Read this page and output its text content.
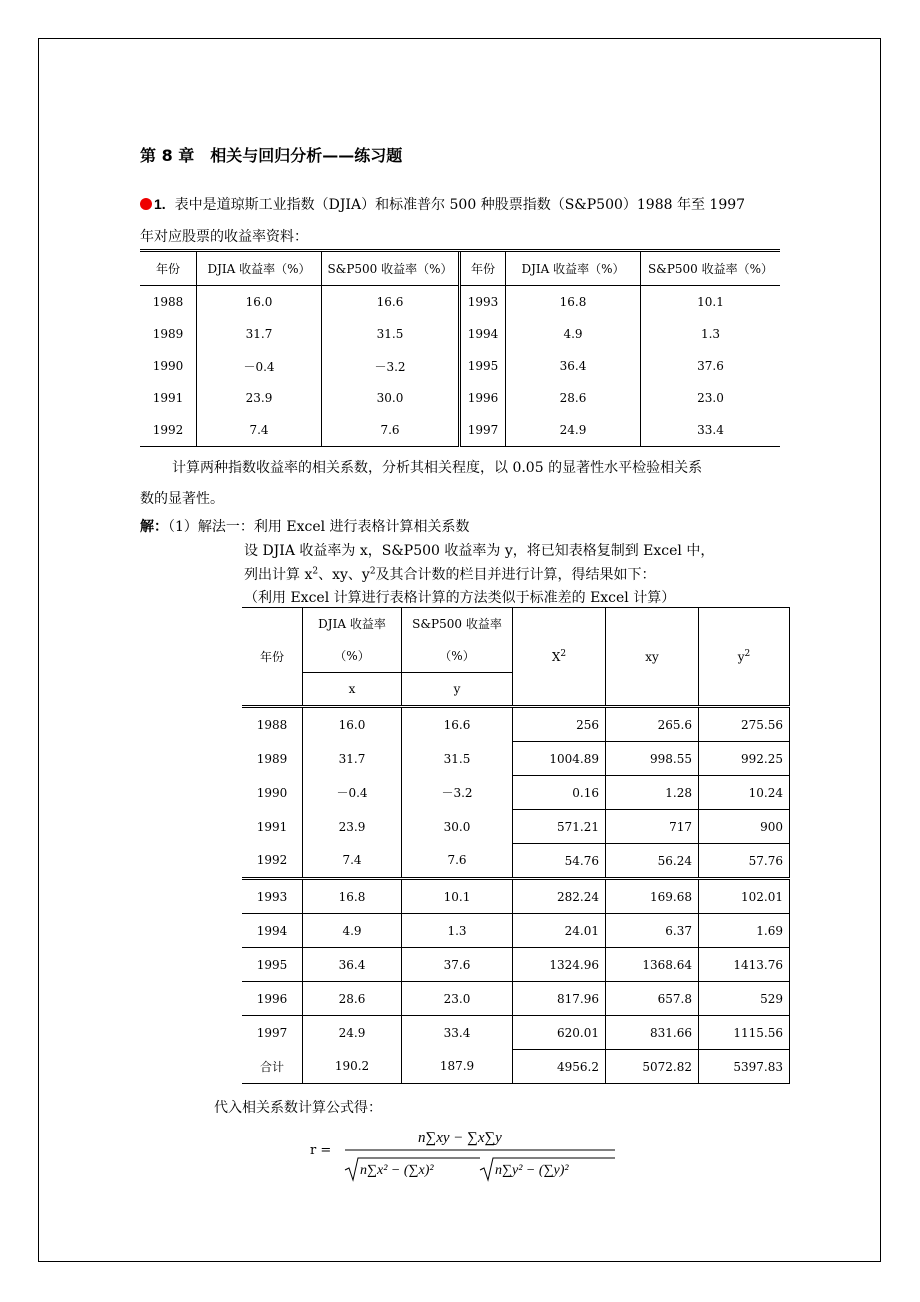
第 8 章 相关与回归分析——练习题
1. 表中是道琼斯工业指数（DJIA）和标准普尔 500 种股票指数（S&P500）1988 年至 1997
年对应股票的收益率资料：
年份	DJIA 收益率（%）	S&P500 收益率（%）	年份	DJIA 收益率（%）	S&P500 收益率（%）
1988	16.0	16.6	1993	16.8	10.1
1989	31.7	31.5	1994	4.9	1.3
1990	－0.4	－3.2	1995	36.4	37.6
1991	23.9	30.0	1996	28.6	23.0
1992	7.4	7.6	1997	24.9	33.4
计算两种指数收益率的相关系数，分析其相关程度，以 0.05 的显著性水平检验相关系
数的显著性。
解：（1）解法一：利用 Excel 进行表格计算相关系数
设 DJIA 收益率为 x，S&P500 收益率为 y，将已知表格复制到 Excel 中，
列出计算 $x^2$、xy、$y^2$及其合计数的栏目并进行计算，得结果如下：
（利用 Excel 计算进行表格计算的方法类似于标准差的 Excel 计算）
年份	DJIA 收益率
（%）	S&P500 收益率
（%）	$X^2$	xy	$y^2$
	x	y			
1988	16.0	16.6	256	265.6	275.56
1989	31.7	31.5	1004.89	998.55	992.25
1990	－0.4	－3.2	0.16	1.28	10.24
1991	23.9	30.0	571.21	717	900
1992	7.4	7.6	54.76	56.24	57.76
1993	16.8	10.1	282.24	169.68	102.01
1994	4.9	1.3	24.01	6.37	1.69
1995	36.4	37.6	1324.96	1368.64	1413.76
1996	28.6	23.0	817.96	657.8	529
1997	24.9	33.4	620.01	831.66	1115.56
合计	190.2	187.9	4956.2	5072.82	5397.83
代入相关系数计算公式得：
r =
n∑xy − ∑x∑y
n∑x² − (∑x)²	n∑y² − (∑y)²
